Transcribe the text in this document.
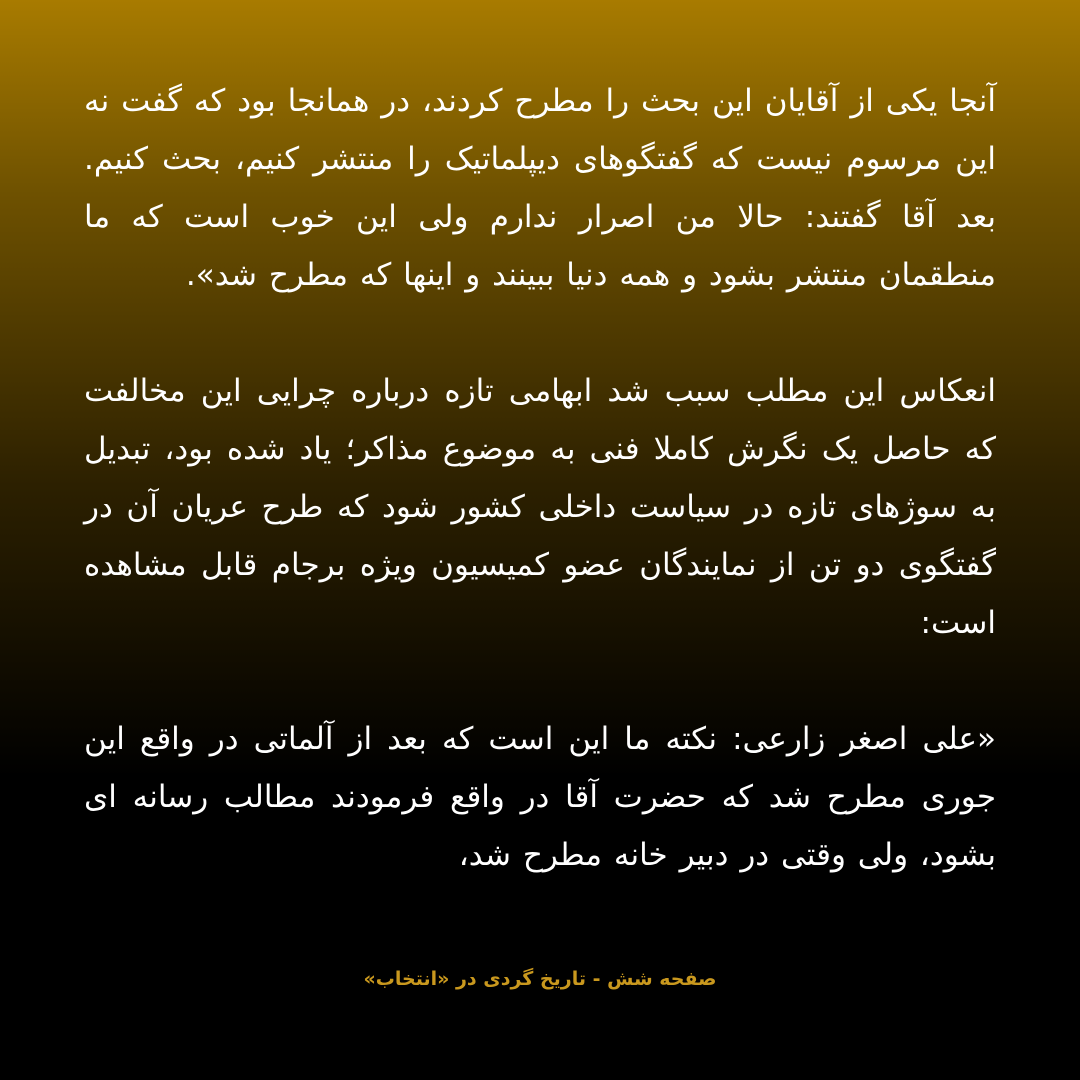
آنجا یکی از آقایان این بحث را مطرح کردند، در همانجا بود که گفت نه این مرسوم نیست که گفتگوهای دیپلماتیک را منتشر کنیم، بحث کنیم. بعد آقا گفتند: حالا من اصرار ندارم ولی این خوب است که ما منطقمان منتشر بشود و همه دنیا ببینند و اینها که مطرح شد».

انعکاس این مطلب سبب شد ابهامی تازه درباره چرایی این مخالفت که حاصل یک نگرش کاملا فنی به موضوع مذاکر؛ یاد شده بود، تبدیل به سوژهای تازه در سیاست داخلی کشور شود که طرح عریان آن در گفتگوی دو تن از نمایندگان عضو کمیسیون ویژه برجام قابل مشاهده است:

«علی اصغر زارعی: نکته ما این است که بعد از آلماتی در واقع این جوری مطرح شد که حضرت آقا در واقع فرمودند مطالب رسانه ای بشود، ولی وقتی در دبیر خانه مطرح شد،

صفحه شش - تاریخ گردی در «انتخاب»
